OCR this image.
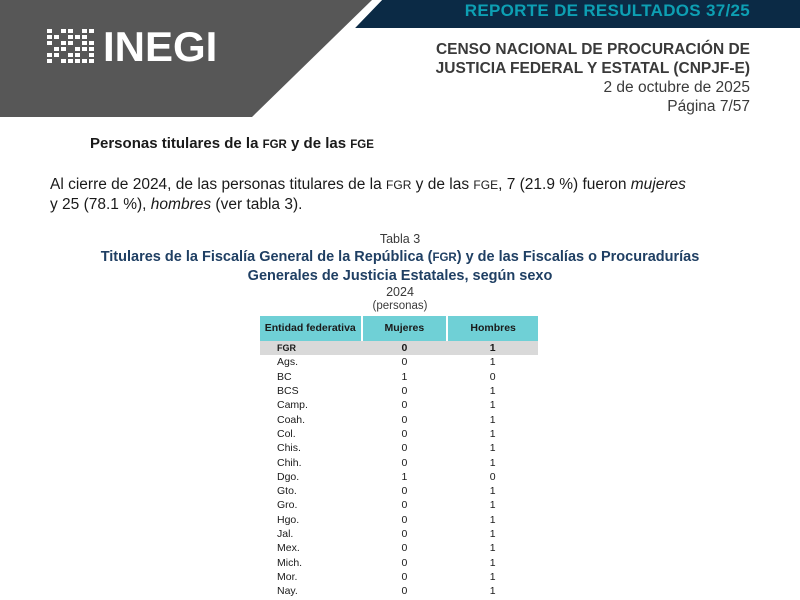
INEGI
REPORTE DE RESULTADOS 37/25
CENSO NACIONAL DE PROCURACIÓN DE
JUSTICIA FEDERAL Y ESTATAL (CNPJF-E)
2 de octubre de 2025
Página 7/57
Personas titulares de la FGR y de las FGE
Al cierre de 2024, de las personas titulares de la FGR y de las FGE, 7 (21.9 %) fueron mujeres
y 25 (78.1 %), hombres (ver tabla 3).
Tabla 3
Titulares de la Fiscalía General de la República (FGR) y de las Fiscalías o Procuradurías
Generales de Justicia Estatales, según sexo
2024
(personas)
Entidad federativa	Mujeres	Hombres
FGR	0	1
Ags.	0	1
BC	1	0
BCS	0	1
Camp.	0	1
Coah.	0	1
Col.	0	1
Chis.	0	1
Chih.	0	1
Dgo.	1	0
Gto.	0	1
Gro.	0	1
Hgo.	0	1
Jal.	0	1
Mex.	0	1
Mich.	0	1
Mor.	0	1
Nay.	0	1
